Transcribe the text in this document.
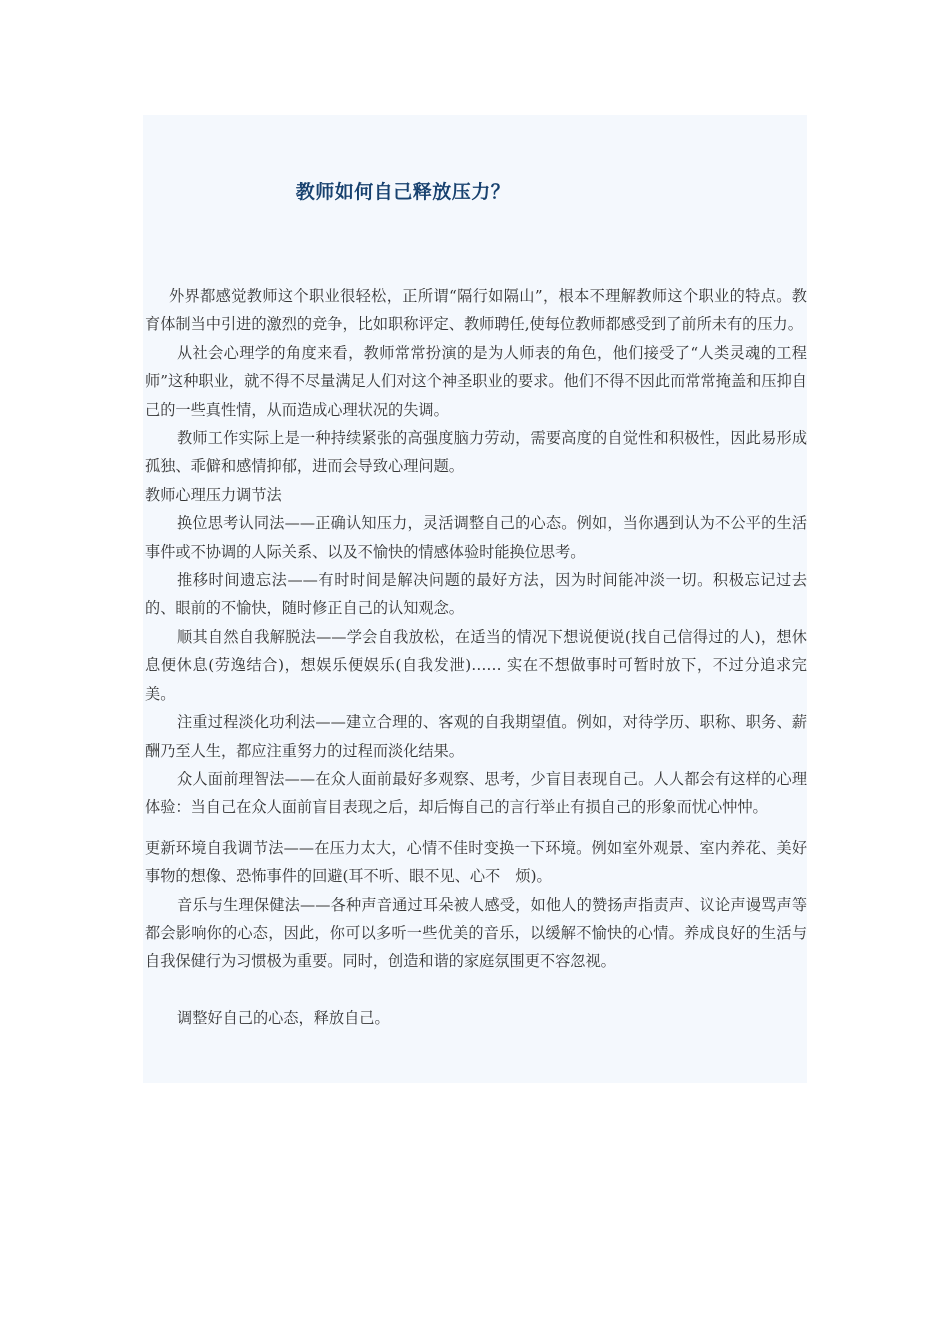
教师如何自己释放压力？

外界都感觉教师这个职业很轻松，正所谓“隔行如隔山”，根本不理解教师这个职业的特点。教育体制当中引进的激烈的竞争，比如职称评定、教师聘任,使每位教师都感受到了前所未有的压力。

从社会心理学的角度来看，教师常常扮演的是为人师表的角色，他们接受了“人类灵魂的工程师”这种职业，就不得不尽量满足人们对这个神圣职业的要求。他们不得不因此而常常掩盖和压抑自己的一些真性情，从而造成心理状况的失调。

教师工作实际上是一种持续紧张的高强度脑力劳动，需要高度的自觉性和积极性，因此易形成孤独、乖僻和感情抑郁，进而会导致心理问题。

教师心理压力调节法

换位思考认同法——正确认知压力，灵活调整自己的心态。例如，当你遇到认为不公平的生活事件或不协调的人际关系、以及不愉快的情感体验时能换位思考。

推移时间遗忘法——有时时间是解决问题的最好方法，因为时间能冲淡一切。积极忘记过去的、眼前的不愉快，随时修正自己的认知观念。

顺其自然自我解脱法——学会自我放松，在适当的情况下想说便说(找自己信得过的人)，想休息便休息(劳逸结合)，想娱乐便娱乐(自我发泄)…… 实在不想做事时可暂时放下，不过分追求完美。

注重过程淡化功利法——建立合理的、客观的自我期望值。例如，对待学历、职称、职务、薪酬乃至人生，都应注重努力的过程而淡化结果。

众人面前理智法——在众人面前最好多观察、思考，少盲目表现自己。人人都会有这样的心理体验：当自己在众人面前盲目表现之后，却后悔自己的言行举止有损自己的形象而忧心忡忡。

更新环境自我调节法——在压力太大，心情不佳时变换一下环境。例如室外观景、室内养花、美好事物的想像、恐怖事件的回避(耳不听、眼不见、心不　烦)。

音乐与生理保健法——各种声音通过耳朵被人感受，如他人的赞扬声指责声、议论声谩骂声等都会影响你的心态，因此，你可以多听一些优美的音乐，以缓解不愉快的心情。养成良好的生活与自我保健行为习惯极为重要。同时，创造和谐的家庭氛围更不容忽视。

调整好自己的心态，释放自己。
